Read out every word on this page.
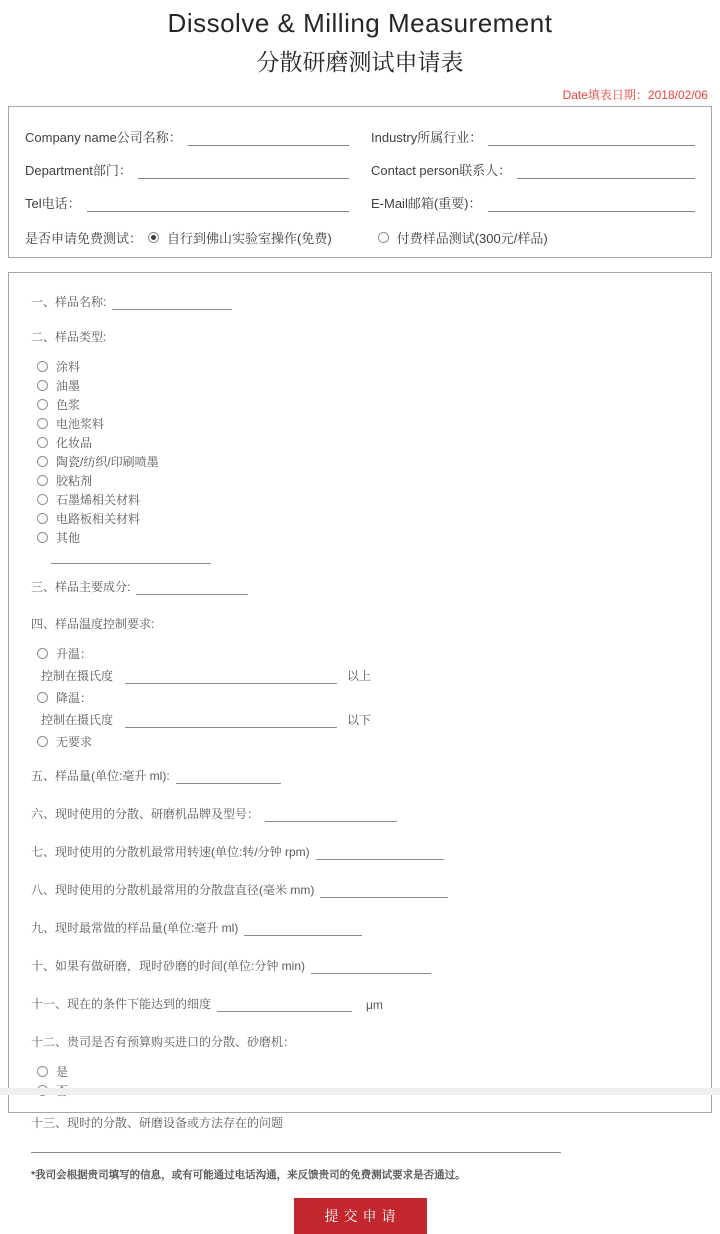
Dissolve & Milling Measurement
分散研磨测试申请表
Date填表日期：2018/02/06
Company name公司名称：	Industry所属行业：
Department部门：	Contact person联系人：
Tel电话：	E-Mail邮箱(重要)：
是否申请免费测试：	自行到佛山实验室操作(免费)	付费样品测试(300元/样品)
一、样品名称:
二、样品类型:
涂料
油墨
色浆
电池浆料
化妆品
陶瓷/纺织/印刷喷墨
胶粘剂
石墨烯相关材料
电路板相关材料
其他
三、样品主要成分:
四、样品温度控制要求:
升温：
控制在摄氏度	以上
降温：
控制在摄氏度	以下
无要求
五、样品量(单位:毫升 ml):
六、现时使用的分散、研磨机品牌及型号：
七、现时使用的分散机最常用转速(单位:转/分钟 rpm)
八、现时使用的分散机最常用的分散盘直径(毫米 mm)
九、现时最常做的样品量(单位:毫升 ml)
十、如果有做研磨，现时砂磨的时间(单位:分钟 min)
十一、现在的条件下能达到的细度	μm
十二、贵司是否有预算购买进口的分散、砂磨机：
是
十三、现时的分散、研磨设备或方法存在的问题
*我司会根据贵司填写的信息，或有可能通过电话沟通，来反馈贵司的免费测试要求是否通过。
提交申请
